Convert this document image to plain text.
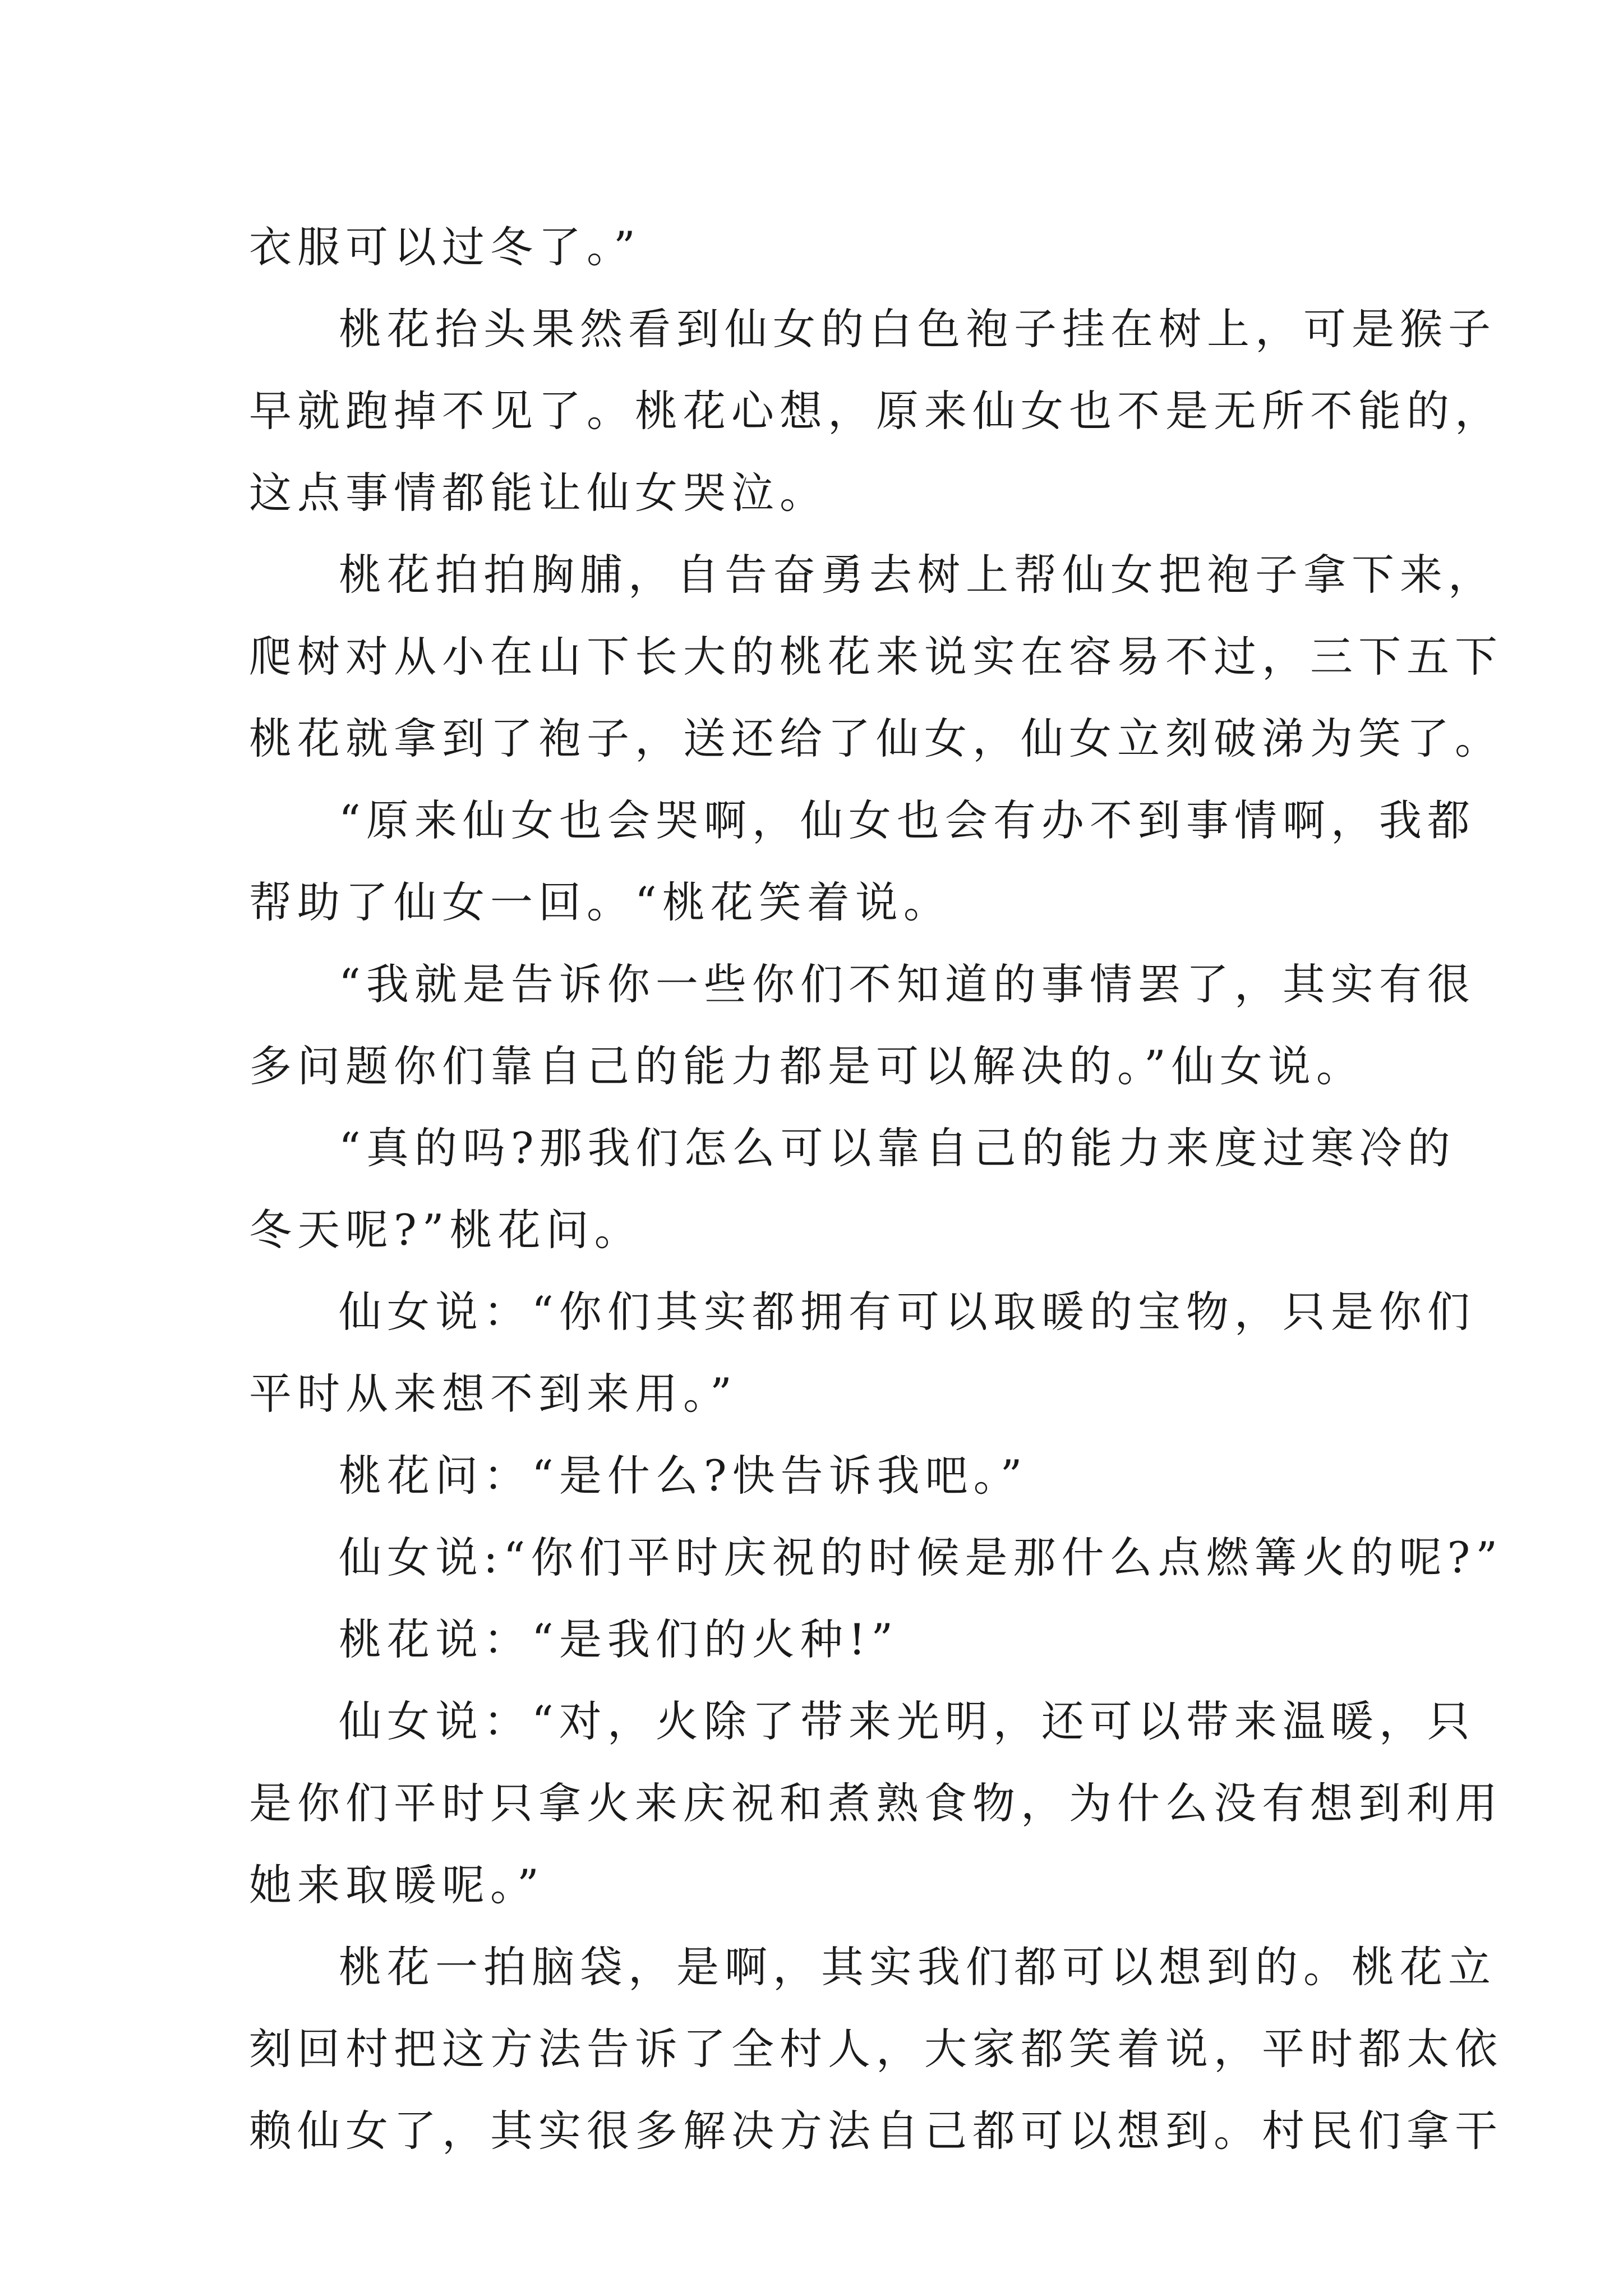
衣服可以过冬了。”
桃花抬头果然看到仙女的白色袍子挂在树上，可是猴子
早就跑掉不见了。桃花心想，原来仙女也不是无所不能的，
这点事情都能让仙女哭泣。
桃花拍拍胸脯，自告奋勇去树上帮仙女把袍子拿下来，
爬树对从小在山下长大的桃花来说实在容易不过，三下五下
桃花就拿到了袍子，送还给了仙女，仙女立刻破涕为笑了。
“原来仙女也会哭啊，仙女也会有办不到事情啊，我都
帮助了仙女一回。“桃花笑着说。
“我就是告诉你一些你们不知道的事情罢了，其实有很
多问题你们靠自己的能力都是可以解决的。”仙女说。
“真的吗?那我们怎么可以靠自己的能力来度过寒冷的
冬天呢?”桃花问。
仙女说：“你们其实都拥有可以取暖的宝物，只是你们
平时从来想不到来用。”
桃花问：“是什么?快告诉我吧。”
仙女说:“你们平时庆祝的时候是那什么点燃篝火的呢?”
桃花说：“是我们的火种!”
仙女说：“对，火除了带来光明，还可以带来温暖，只
是你们平时只拿火来庆祝和煮熟食物，为什么没有想到利用
她来取暖呢。”
桃花一拍脑袋，是啊，其实我们都可以想到的。桃花立
刻回村把这方法告诉了全村人，大家都笑着说，平时都太依
赖仙女了，其实很多解决方法自己都可以想到。村民们拿干
